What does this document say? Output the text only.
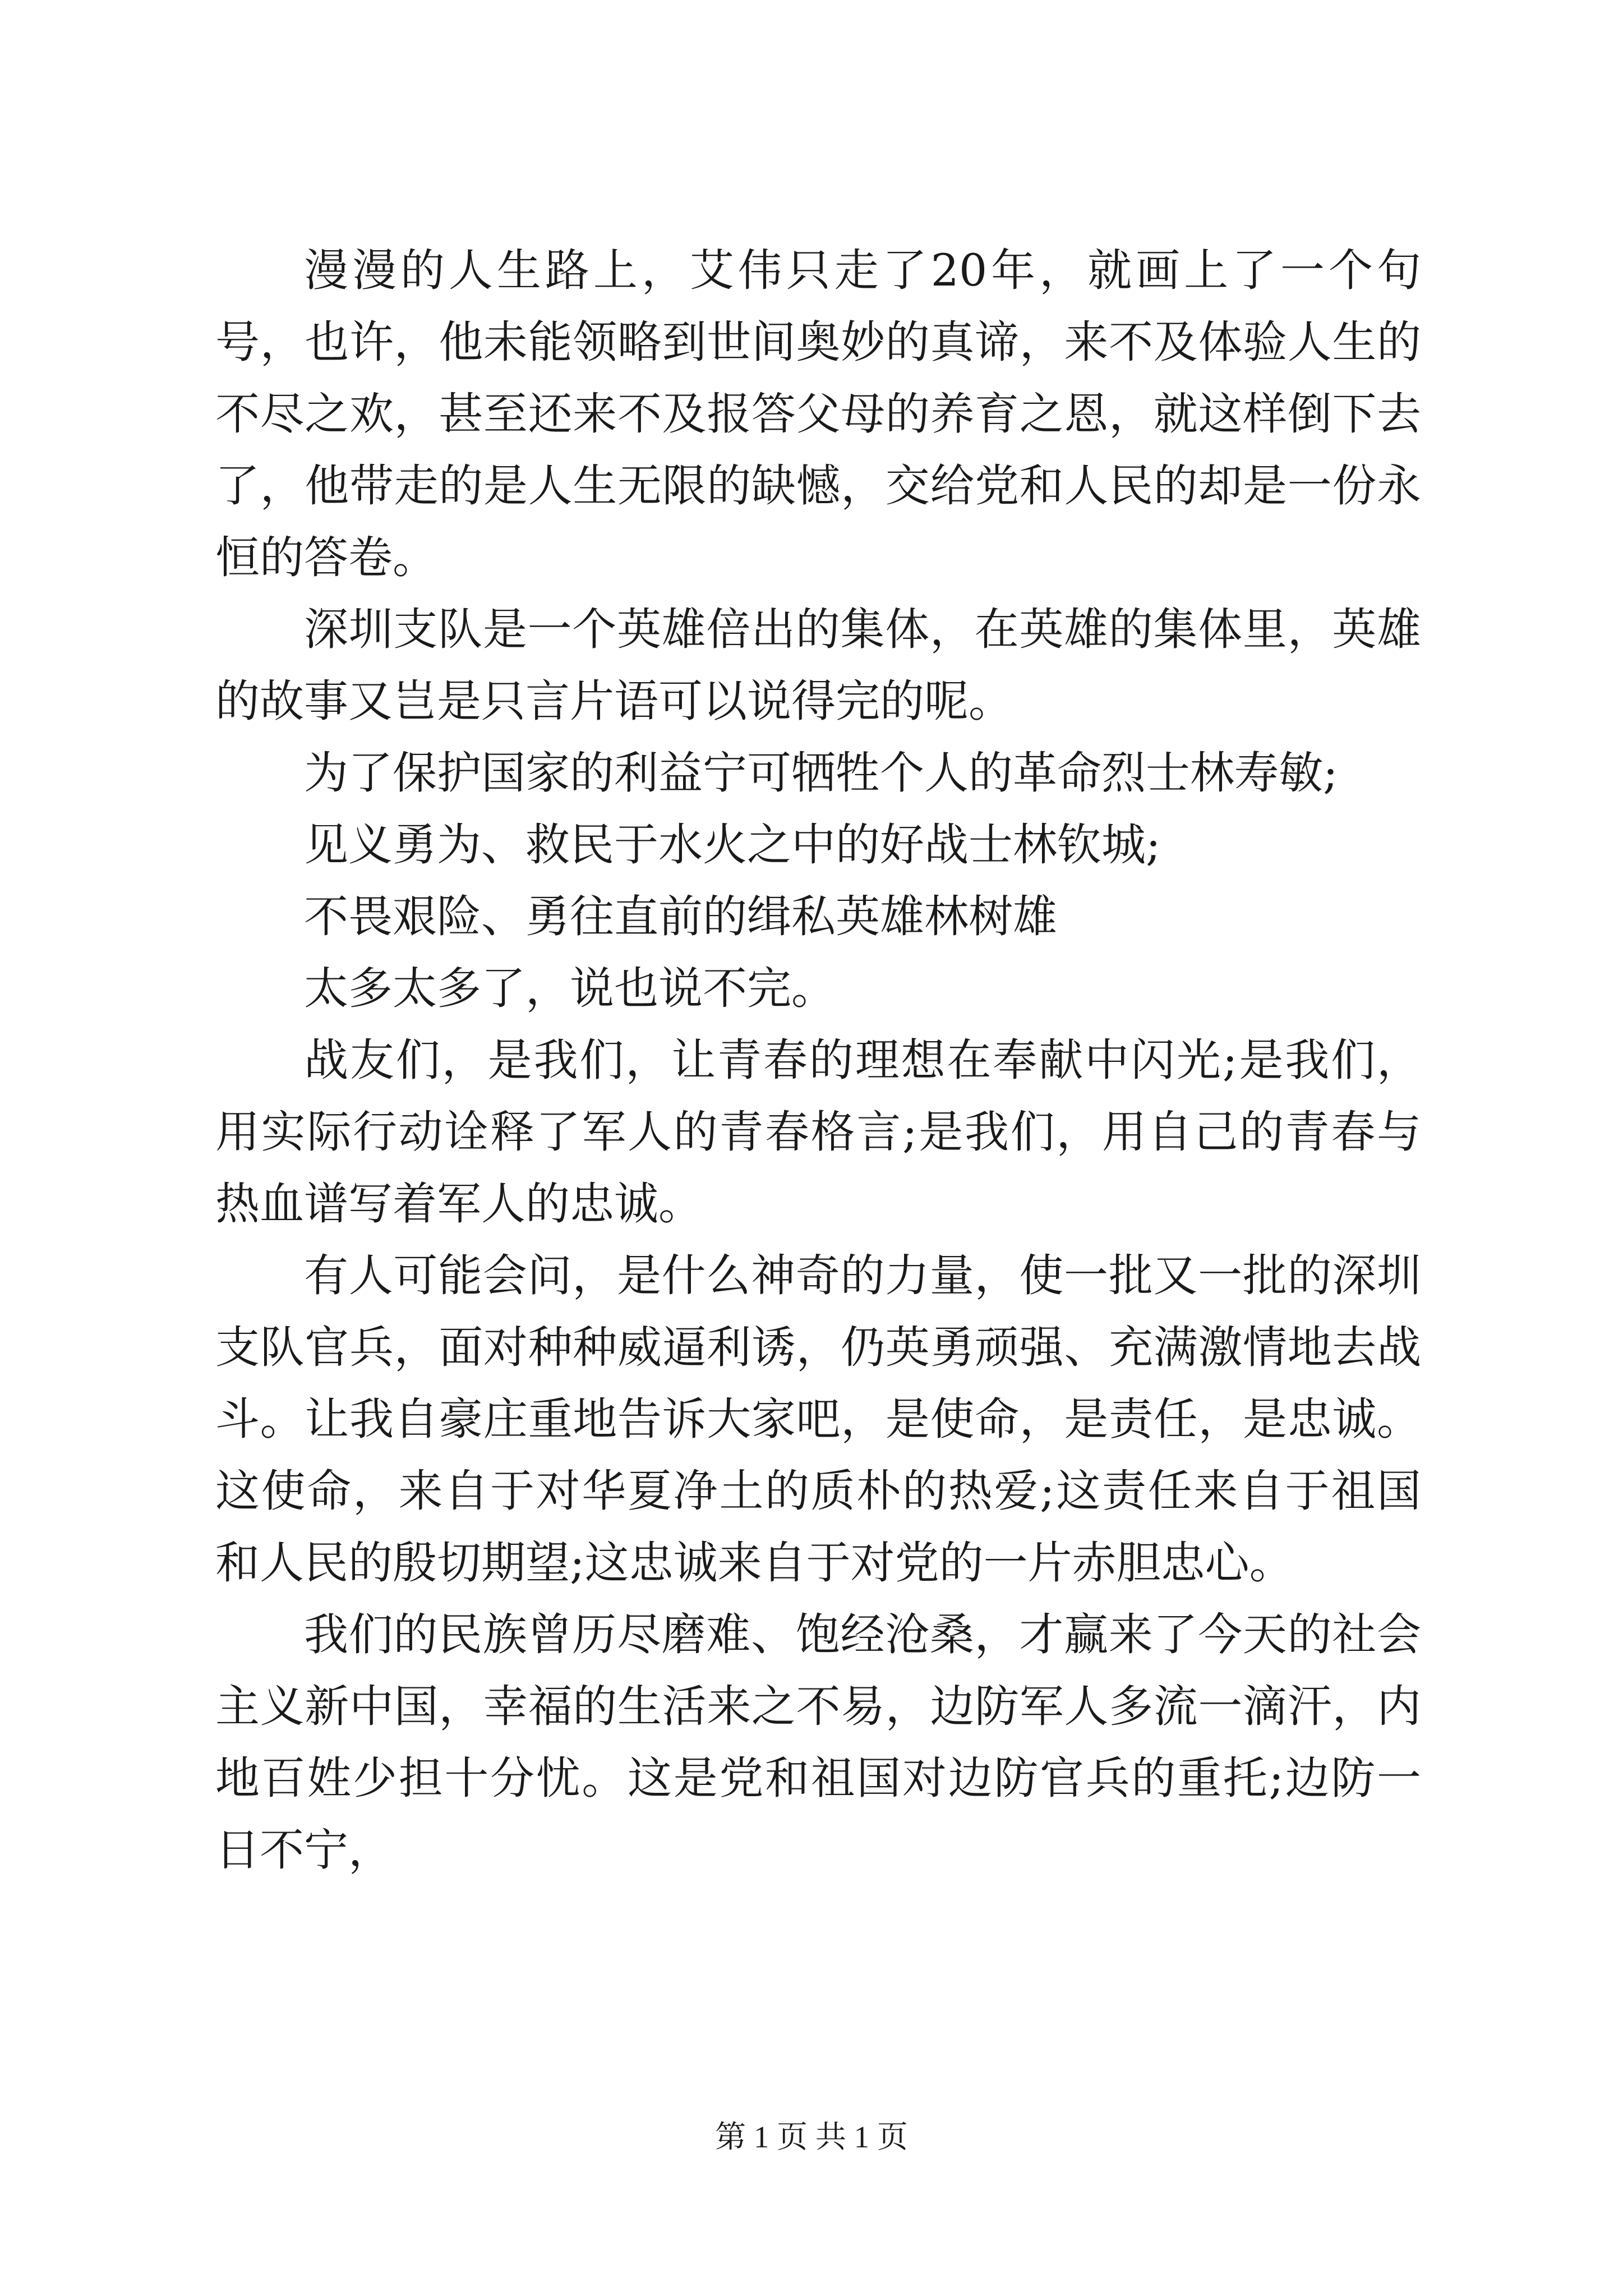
漫漫的人生路上，艾伟只走了20年，就画上了一个句号，也许，他未能领略到世间奥妙的真谛，来不及体验人生的不尽之欢，甚至还来不及报答父母的养育之恩，就这样倒下去了，他带走的是人生无限的缺憾，交给党和人民的却是一份永恒的答卷。

深圳支队是一个英雄倍出的集体，在英雄的集体里，英雄的故事又岂是只言片语可以说得完的呢。

为了保护国家的利益宁可牺牲个人的革命烈士林寿敏;

见义勇为、救民于水火之中的好战士林钦城;

不畏艰险、勇往直前的缉私英雄林树雄

太多太多了，说也说不完。

战友们，是我们，让青春的理想在奉献中闪光;是我们，用实际行动诠释了军人的青春格言;是我们，用自己的青春与热血谱写着军人的忠诚。

有人可能会问，是什么神奇的力量，使一批又一批的深圳支队官兵，面对种种威逼利诱，仍英勇顽强、充满激情地去战斗。让我自豪庄重地告诉大家吧，是使命，是责任，是忠诚。这使命，来自于对华夏净土的质朴的热爱;这责任来自于祖国和人民的殷切期望;这忠诚来自于对党的一片赤胆忠心。

我们的民族曾历尽磨难、饱经沧桑，才赢来了今天的社会主义新中国，幸福的生活来之不易，边防军人多流一滴汗，内地百姓少担十分忧。这是党和祖国对边防官兵的重托;边防一日不宁，

第 1 页 共 1 页
